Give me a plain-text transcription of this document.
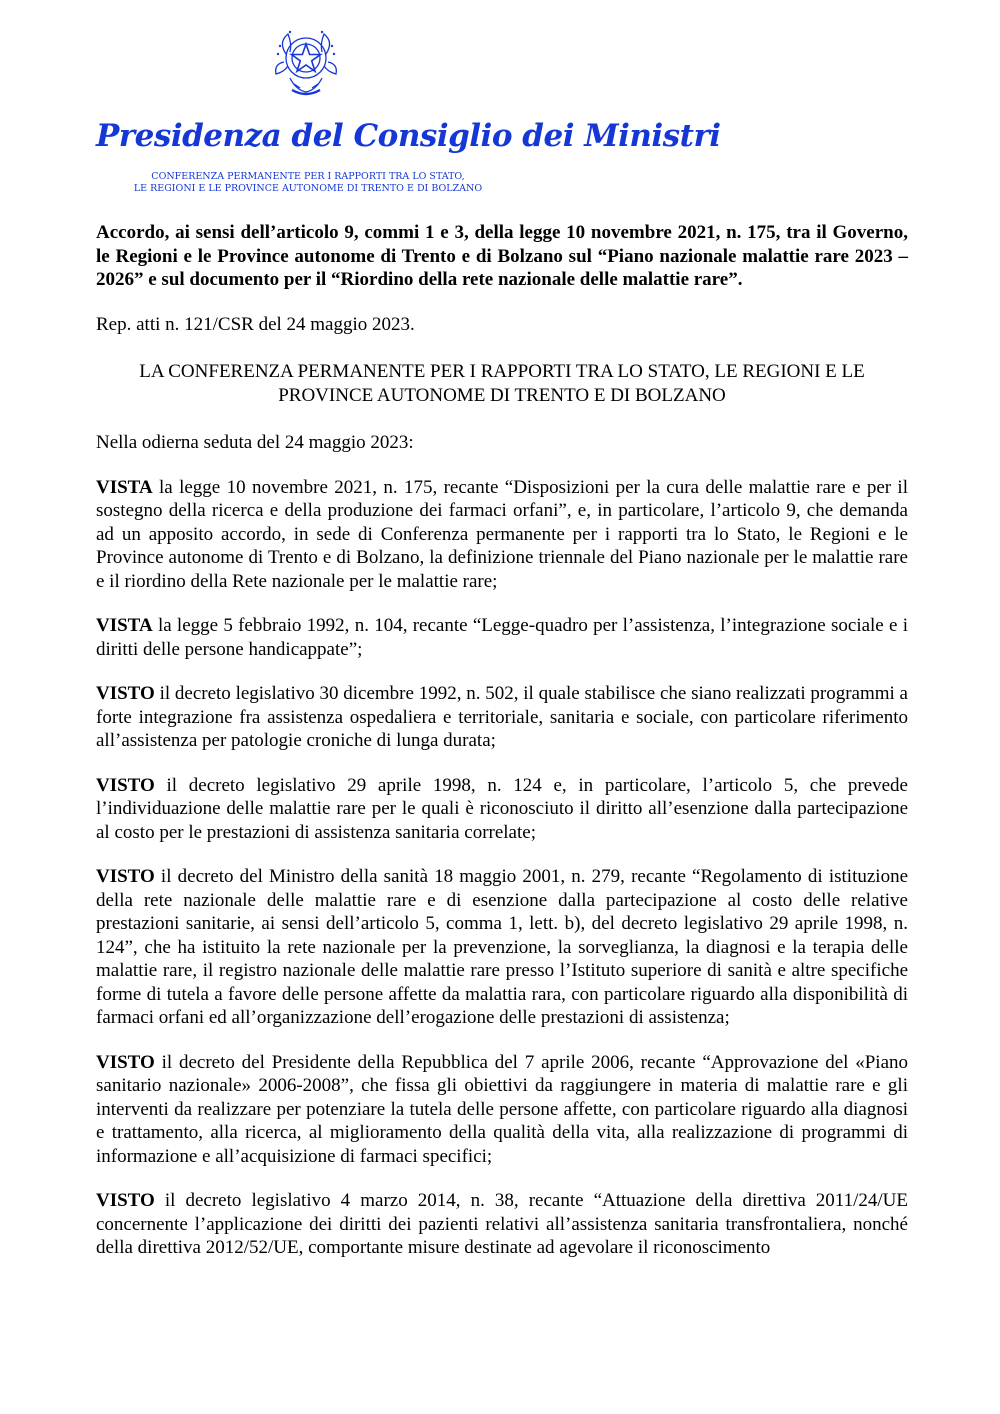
Presidenza del Consiglio dei Ministri
CONFERENZA PERMANENTE PER I RAPPORTI TRA LO STATO,
LE REGIONI E LE PROVINCE AUTONOME DI TRENTO E DI BOLZANO

Accordo, ai sensi dell’articolo 9, commi 1 e 3, della legge 10 novembre 2021, n. 175, tra il Governo, le Regioni e le Province autonome di Trento e di Bolzano sul “Piano nazionale malattie rare 2023 – 2026” e sul documento per il “Riordino della rete nazionale delle malattie rare”.

Rep. atti n. 121/CSR del 24 maggio 2023.

LA CONFERENZA PERMANENTE PER I RAPPORTI TRA LO STATO, LE REGIONI E LE
PROVINCE AUTONOME DI TRENTO E DI BOLZANO

Nella odierna seduta del 24 maggio 2023:

VISTA la legge 10 novembre 2021, n. 175, recante “Disposizioni per la cura delle malattie rare e per il sostegno della ricerca e della produzione dei farmaci orfani”, e, in particolare, l’articolo 9, che demanda ad un apposito accordo, in sede di Conferenza permanente per i rapporti tra lo Stato, le Regioni e le Province autonome di Trento e di Bolzano, la definizione triennale del Piano nazionale per le malattie rare e il riordino della Rete nazionale per le malattie rare;

VISTA la legge 5 febbraio 1992, n. 104, recante “Legge-quadro per l’assistenza, l’integrazione sociale e i diritti delle persone handicappate”;

VISTO il decreto legislativo 30 dicembre 1992, n. 502, il quale stabilisce che siano realizzati programmi a forte integrazione fra assistenza ospedaliera e territoriale, sanitaria e sociale, con particolare riferimento all’assistenza per patologie croniche di lunga durata;

VISTO il decreto legislativo 29 aprile 1998, n. 124 e, in particolare, l’articolo 5, che prevede l’individuazione delle malattie rare per le quali è riconosciuto il diritto all’esenzione dalla partecipazione al costo per le prestazioni di assistenza sanitaria correlate;

VISTO il decreto del Ministro della sanità 18 maggio 2001, n. 279, recante “Regolamento di istituzione della rete nazionale delle malattie rare e di esenzione dalla partecipazione al costo delle relative prestazioni sanitarie, ai sensi dell’articolo 5, comma 1, lett. b), del decreto legislativo 29 aprile 1998, n. 124”, che ha istituito la rete nazionale per la prevenzione, la sorveglianza, la diagnosi e la terapia delle malattie rare, il registro nazionale delle malattie rare presso l’Istituto superiore di sanità e altre specifiche forme di tutela a favore delle persone affette da malattia rara, con particolare riguardo alla disponibilità di farmaci orfani ed all’organizzazione dell’erogazione delle prestazioni di assistenza;

VISTO il decreto del Presidente della Repubblica del 7 aprile 2006, recante “Approvazione del «Piano sanitario nazionale» 2006-2008”, che fissa gli obiettivi da raggiungere in materia di malattie rare e gli interventi da realizzare per potenziare la tutela delle persone affette, con particolare riguardo alla diagnosi e trattamento, alla ricerca, al miglioramento della qualità della vita, alla realizzazione di programmi di informazione e all’acquisizione di farmaci specifici;

VISTO il decreto legislativo 4 marzo 2014, n. 38, recante “Attuazione della direttiva 2011/24/UE concernente l’applicazione dei diritti dei pazienti relativi all’assistenza sanitaria transfrontaliera, nonché della direttiva 2012/52/UE, comportante misure destinate ad agevolare il riconoscimento
